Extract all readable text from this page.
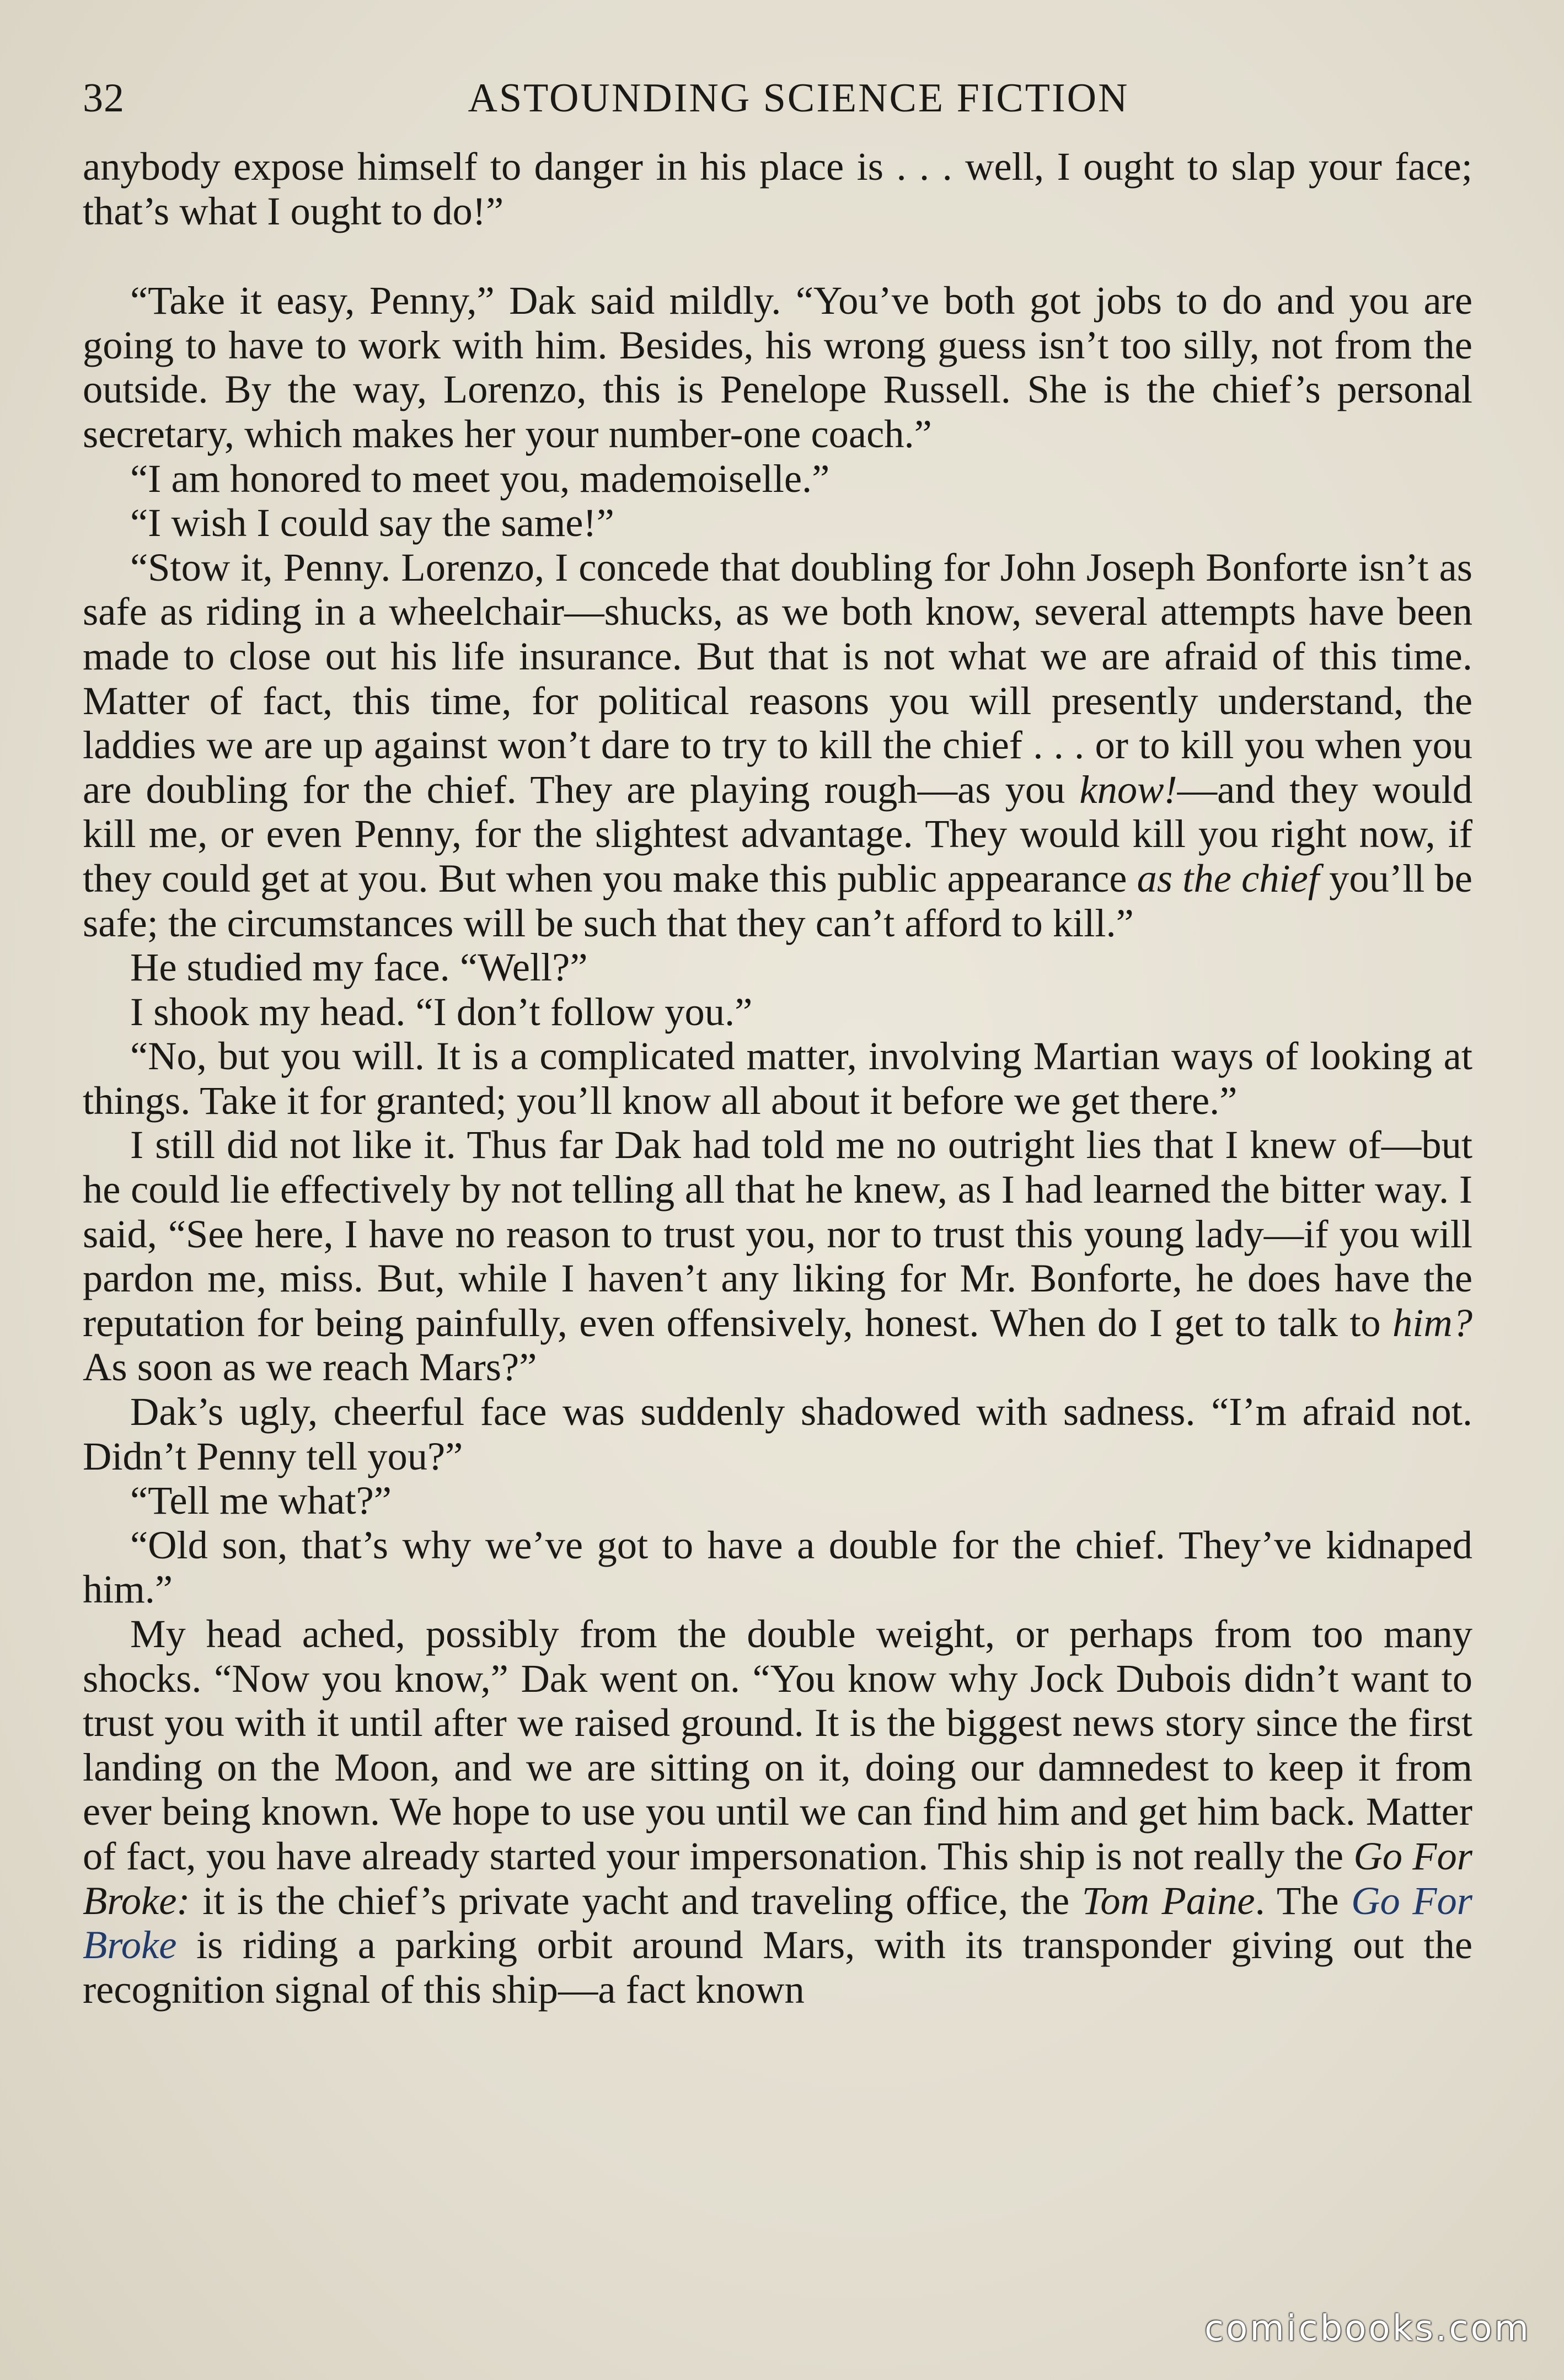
32	ASTOUNDING SCIENCE FICTION

anybody expose himself to danger in his place is . . . well, I ought to slap your face; that’s what I ought to do!”

“Take it easy, Penny,” Dak said mildly. “You’ve both got jobs to do and you are going to have to work with him. Besides, his wrong guess isn’t too silly, not from the outside. By the way, Lorenzo, this is Penelope Russell. She is the chief’s personal secretary, which makes her your number-one coach.”

“I am honored to meet you, mademoiselle.”

“I wish I could say the same!”

“Stow it, Penny. Lorenzo, I concede that doubling for John Joseph Bonforte isn’t as safe as riding in a wheelchair—shucks, as we both know, several attempts have been made to close out his life insurance. But that is not what we are afraid of this time. Matter of fact, this time, for political reasons you will presently understand, the laddies we are up against won’t dare to try to kill the chief . . . or to kill you when you are doubling for the chief. They are playing rough—as you know!—and they would kill me, or even Penny, for the slightest advantage. They would kill you right now, if they could get at you. But when you make this public appearance as the chief you’ll be safe; the circumstances will be such that they can’t afford to kill.”

He studied my face. “Well?”

I shook my head. “I don’t follow you.”

“No, but you will. It is a complicated matter, involving Martian ways of looking at things. Take it for granted; you’ll know all about it before we get there.”

I still did not like it. Thus far Dak had told me no outright lies that I knew of—but he could lie effectively by not telling all that he knew, as I had learned the bitter way. I said, “See here, I have no reason to trust you, nor to trust this young lady—if you will pardon me, miss. But, while I haven’t any liking for Mr. Bonforte, he does have the reputation for being painfully, even offensively, honest. When do I get to talk to him? As soon as we reach Mars?”

Dak’s ugly, cheerful face was suddenly shadowed with sadness. “I’m afraid not. Didn’t Penny tell you?”

“Tell me what?”

“Old son, that’s why we’ve got to have a double for the chief. They’ve kidnaped him.”

My head ached, possibly from the double weight, or perhaps from too many shocks. “Now you know,” Dak went on. “You know why Jock Dubois didn’t want to trust you with it until after we raised ground. It is the biggest news story since the first landing on the Moon, and we are sitting on it, doing our damnedest to keep it from ever being known. We hope to use you until we can find him and get him back. Matter of fact, you have already started your impersonation. This ship is not really the Go For Broke: it is the chief’s private yacht and traveling office, the Tom Paine. The Go For Broke is riding a parking orbit around Mars, with its transponder giving out the recognition signal of this ship—a fact known

comicbooks.com
